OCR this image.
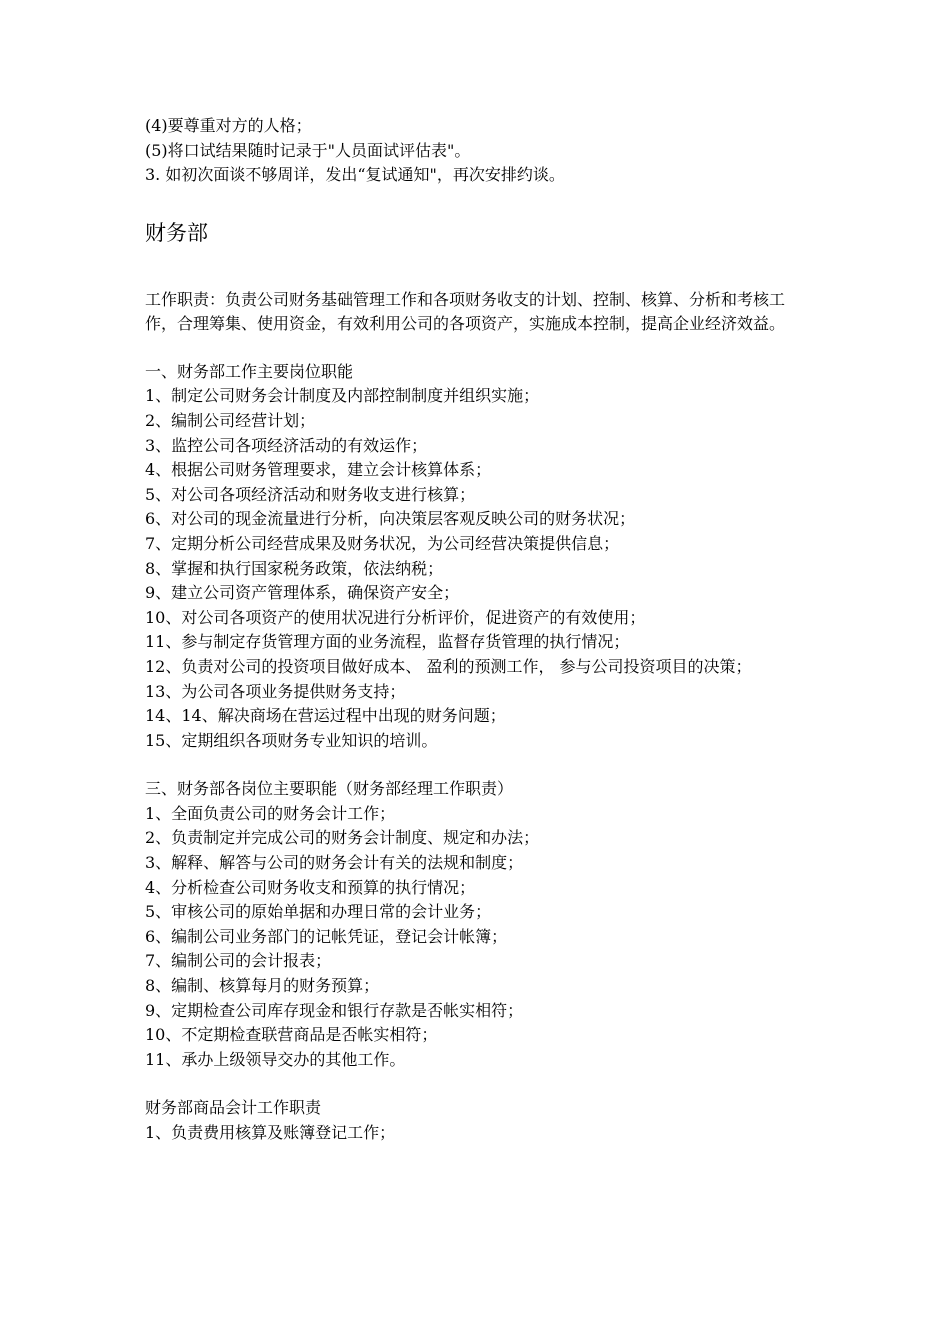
(4)要尊重对方的人格；
(5)将口试结果随时记录于"人员面试评估表"。
3. 如初次面谈不够周详，发出“复试通知"，再次安排约谈。
财务部
工作职责：负责公司财务基础管理工作和各项财务收支的计划、控制、核算、分析和考核工作，合理筹集、使用资金，有效利用公司的各项资产，实施成本控制，提高企业经济效益。
一、财务部工作主要岗位职能
1、制定公司财务会计制度及内部控制制度并组织实施；
2、编制公司经营计划；
3、监控公司各项经济活动的有效运作；
4、根据公司财务管理要求，建立会计核算体系；
5、对公司各项经济活动和财务收支进行核算；
6、对公司的现金流量进行分析，向决策层客观反映公司的财务状况；
7、定期分析公司经营成果及财务状况，为公司经营决策提供信息；
8、掌握和执行国家税务政策，依法纳税；
9、建立公司资产管理体系，确保资产安全；
10、对公司各项资产的使用状况进行分析评价，促进资产的有效使用；
11、参与制定存货管理方面的业务流程，监督存货管理的执行情况；
12、负责对公司的投资项目做好成本、 盈利的预测工作， 参与公司投资项目的决策；
13、为公司各项业务提供财务支持；
14、14、解决商场在营运过程中出现的财务问题；
15、定期组织各项财务专业知识的培训。
三、财务部各岗位主要职能（财务部经理工作职责）
1、全面负责公司的财务会计工作；
2、负责制定并完成公司的财务会计制度、规定和办法；
3、解释、解答与公司的财务会计有关的法规和制度；
4、分析检查公司财务收支和预算的执行情况；
5、审核公司的原始单据和办理日常的会计业务；
6、编制公司业务部门的记帐凭证，登记会计帐簿；
7、编制公司的会计报表；
8、编制、核算每月的财务预算；
9、定期检查公司库存现金和银行存款是否帐实相符；
10、不定期检查联营商品是否帐实相符；
11、承办上级领导交办的其他工作。
财务部商品会计工作职责
1、负责费用核算及账簿登记工作；
